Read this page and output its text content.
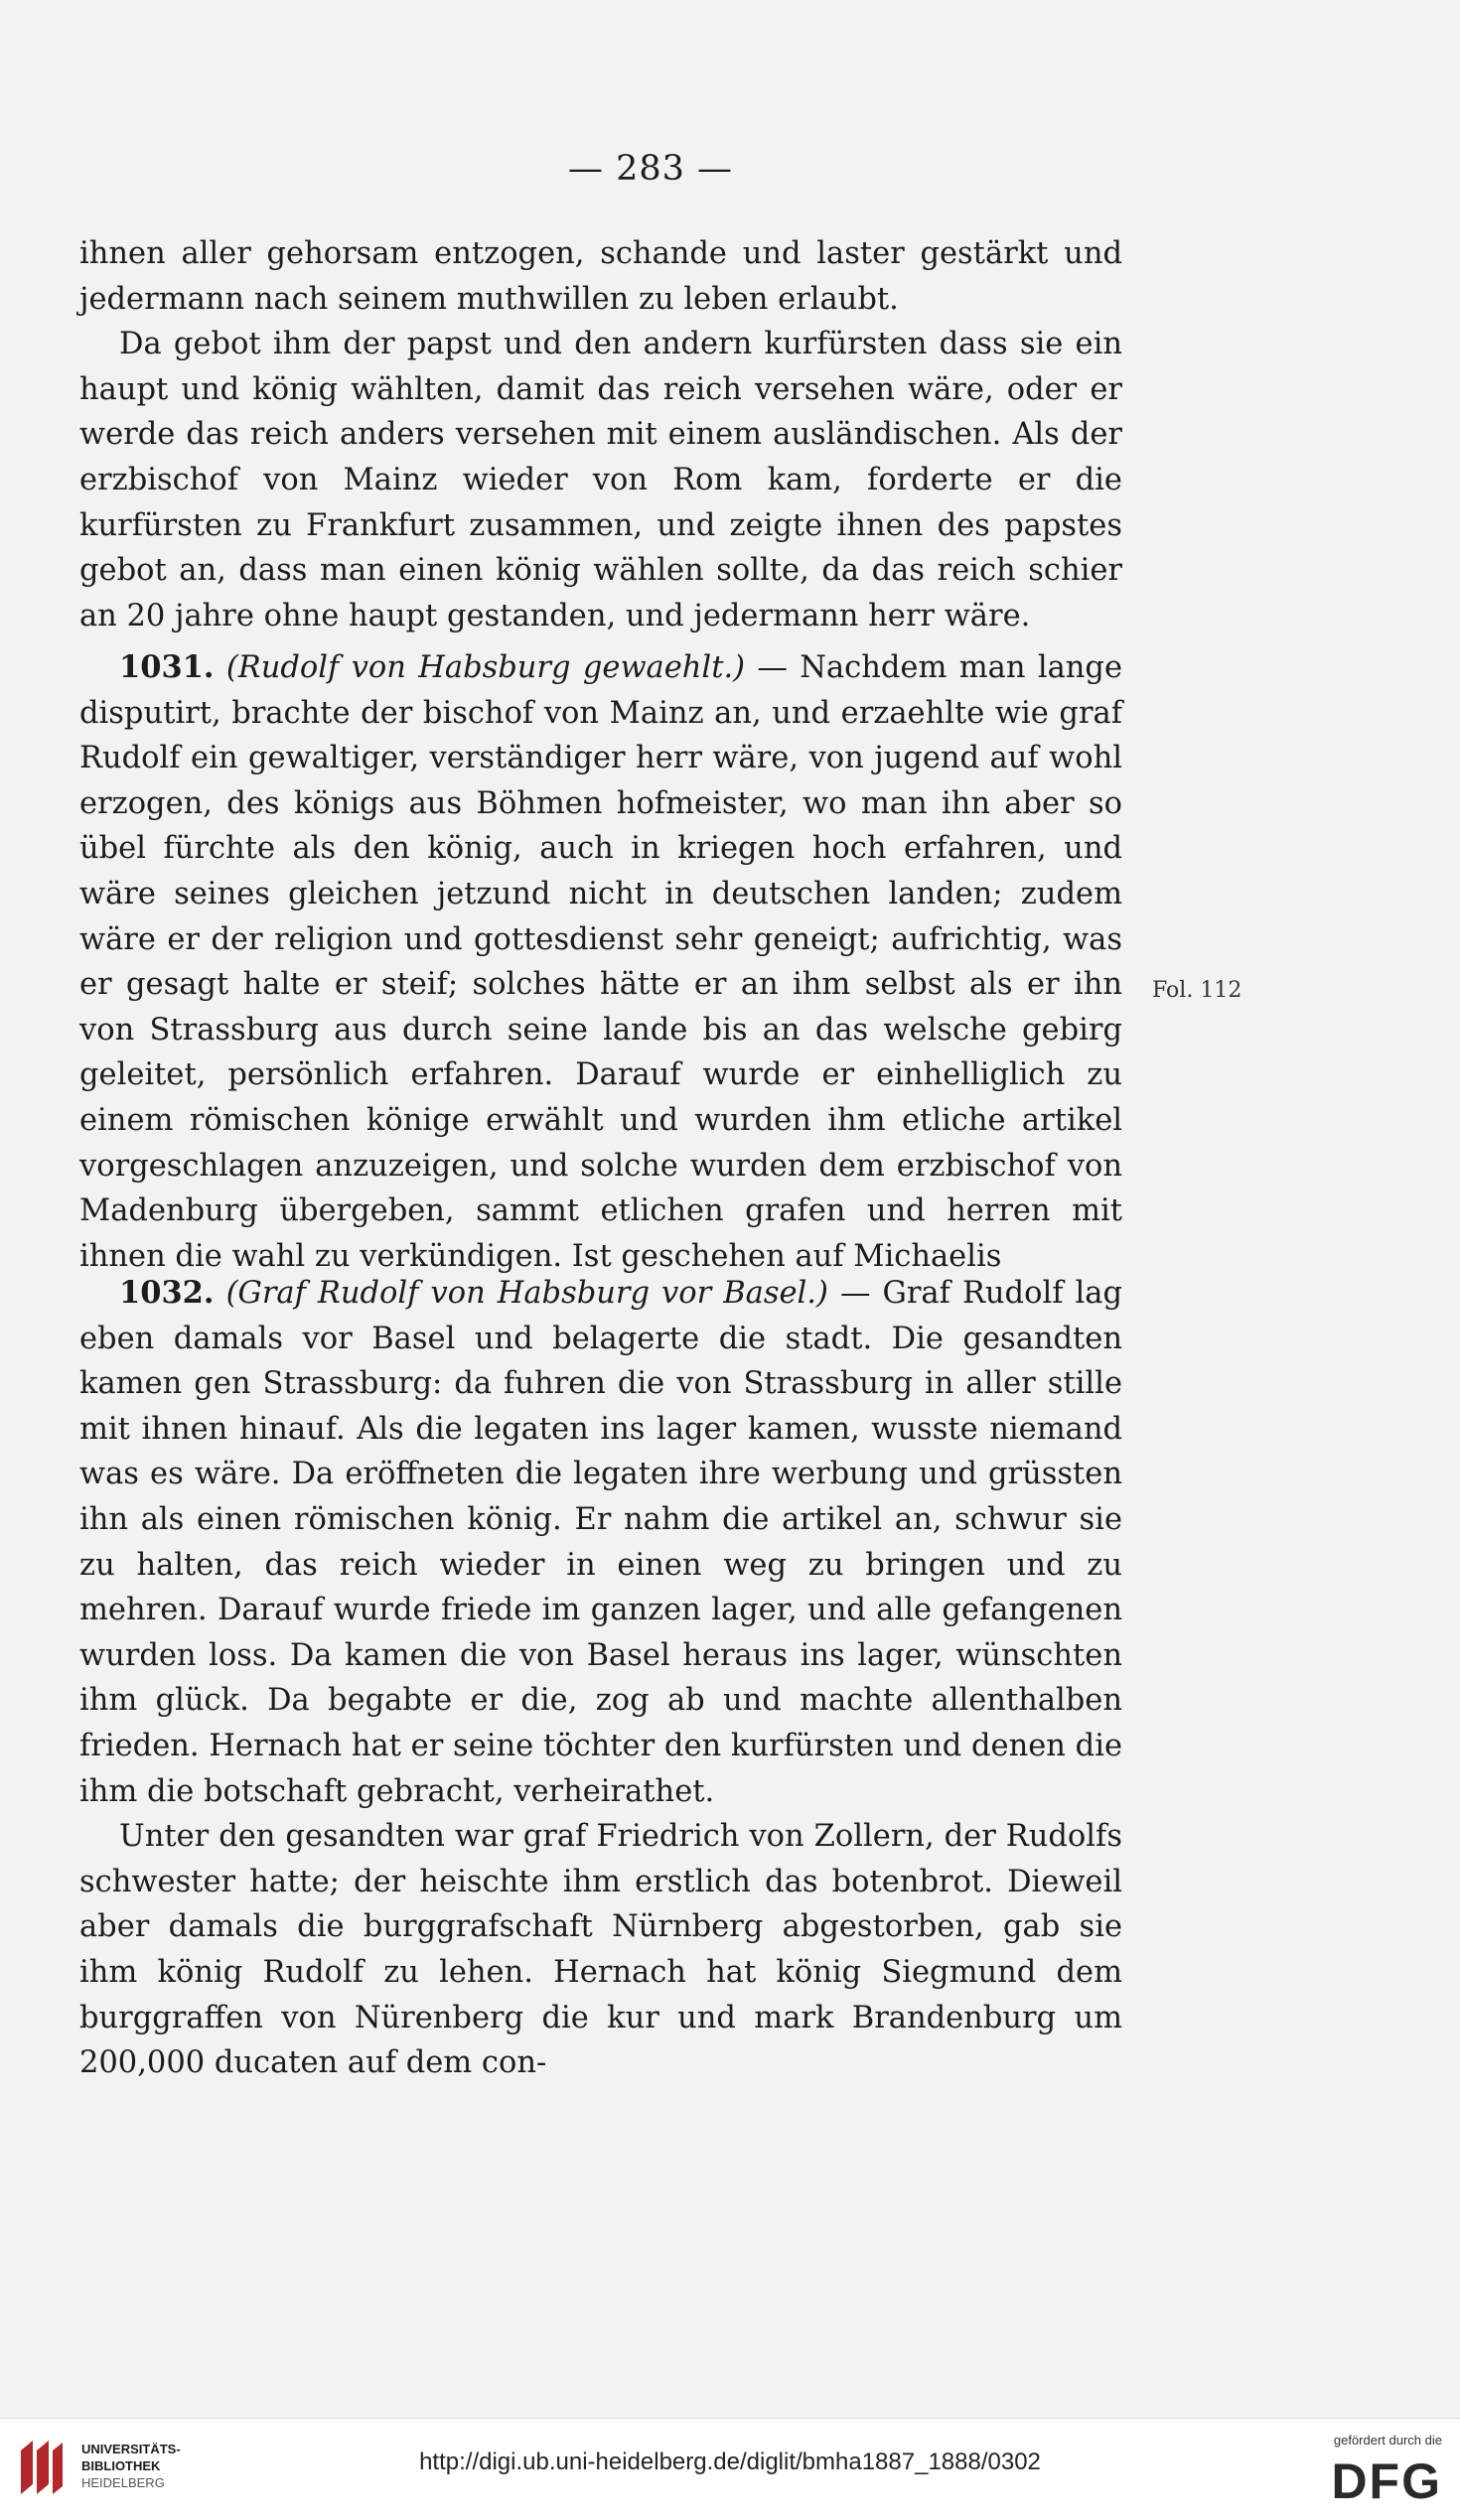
— 283 —

ihnen aller gehorsam entzogen, schande und laster gestärkt und jedermann nach seinem muthwillen zu leben erlaubt.

Da gebot ihm der papst und den andern kurfürsten dass sie ein haupt und könig wählten, damit das reich versehen wäre, oder er werde das reich anders versehen mit einem ausländischen. Als der erzbischof von Mainz wieder von Rom kam, forderte er die kurfürsten zu Frankfurt zusammen, und zeigte ihnen des papstes gebot an, dass man einen könig wählen sollte, da das reich schier an 20 jahre ohne haupt gestanden, und jedermann herr wäre.

1031. (Rudolf von Habsburg gewaehlt.) — Nachdem man lange disputirt, brachte der bischof von Mainz an, und erzaehlte wie graf Rudolf ein gewaltiger, verständiger herr wäre, von jugend auf wohl erzogen, des königs aus Böhmen hofmeister, wo man ihn aber so übel fürchte als den könig, auch in kriegen hoch erfahren, und wäre seines gleichen jetzund nicht in deutschen landen; zudem wäre er der religion und gottesdienst sehr geneigt; aufrichtig, was er gesagt halte er steif; solches hätte er an ihm selbst als er ihn von Strassburg aus durch seine lande bis an das welsche gebirg geleitet, persönlich erfahren. Darauf wurde er einhelliglich zu einem römischen könige erwählt und wurden ihm etliche artikel vorgeschlagen anzuzeigen, und solche wurden dem erzbischof von Madenburg übergeben, sammt etlichen grafen und herren mit ihnen die wahl zu verkündigen. Ist geschehen auf Michaelis

1032. (Graf Rudolf von Habsburg vor Basel.) — Graf Rudolf lag eben damals vor Basel und belagerte die stadt. Die gesandten kamen gen Strassburg: da fuhren die von Strassburg in aller stille mit ihnen hinauf. Als die legaten ins lager kamen, wusste niemand was es wäre. Da eröffneten die legaten ihre werbung und grüssten ihn als einen römischen könig. Er nahm die artikel an, schwur sie zu halten, das reich wieder in einen weg zu bringen und zu mehren. Darauf wurde friede im ganzen lager, und alle gefangenen wurden loss. Da kamen die von Basel heraus ins lager, wünschten ihm glück. Da begabte er die, zog ab und machte allenthalben frieden. Hernach hat er seine töchter den kurfürsten und denen die ihm die botschaft gebracht, verheirathet.

Unter den gesandten war graf Friedrich von Zollern, der Rudolfs schwester hatte; der heischte ihm erstlich das botenbrot. Dieweil aber damals die burggrafschaft Nürnberg abgestorben, gab sie ihm könig Rudolf zu lehen. Hernach hat könig Siegmund dem burggraffen von Nürenberg die kur und mark Brandenburg um 200,000 ducaten auf dem con-

Fol. 112
UNIVERSITÄTS-
BIBLIOTHEK
HEIDELBERG
http://digi.ub.uni-heidelberg.de/diglit/bmha1887_1888/0302
gefördert durch die
DFG
